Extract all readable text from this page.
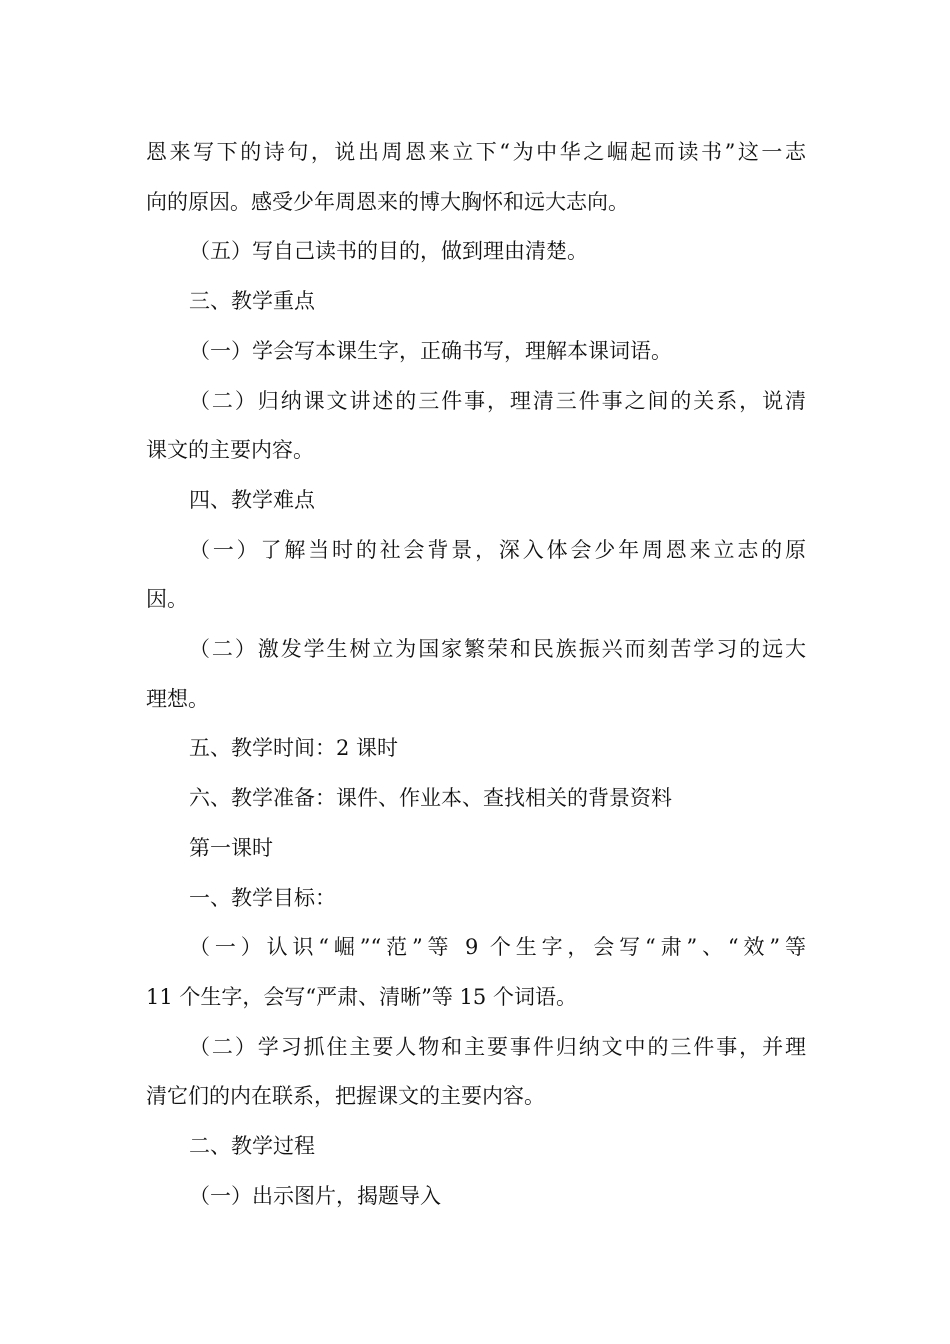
恩来写下的诗句，说出周恩来立下“为中华之崛起而读书”这一志
向的原因。感受少年周恩来的博大胸怀和远大志向。
（五）写自己读书的目的，做到理由清楚。
三、教学重点
（一）学会写本课生字，正确书写，理解本课词语。
（二）归纳课文讲述的三件事，理清三件事之间的关系，说清
课文的主要内容。
四、教学难点
（一）了解当时的社会背景，深入体会少年周恩来立志的原
因。
（二）激发学生树立为国家繁荣和民族振兴而刻苦学习的远大
理想。
五、教学时间：2 课时
六、教学准备：课件、作业本、查找相关的背景资料
第一课时
一、教学目标：
（一）认识“崛”“范”等 9 个生字，会写“肃”、“效”等
11 个生字，会写“严肃、清晰”等 15 个词语。
（二）学习抓住主要人物和主要事件归纳文中的三件事，并理
清它们的内在联系，把握课文的主要内容。
二、教学过程
（一）出示图片，揭题导入
